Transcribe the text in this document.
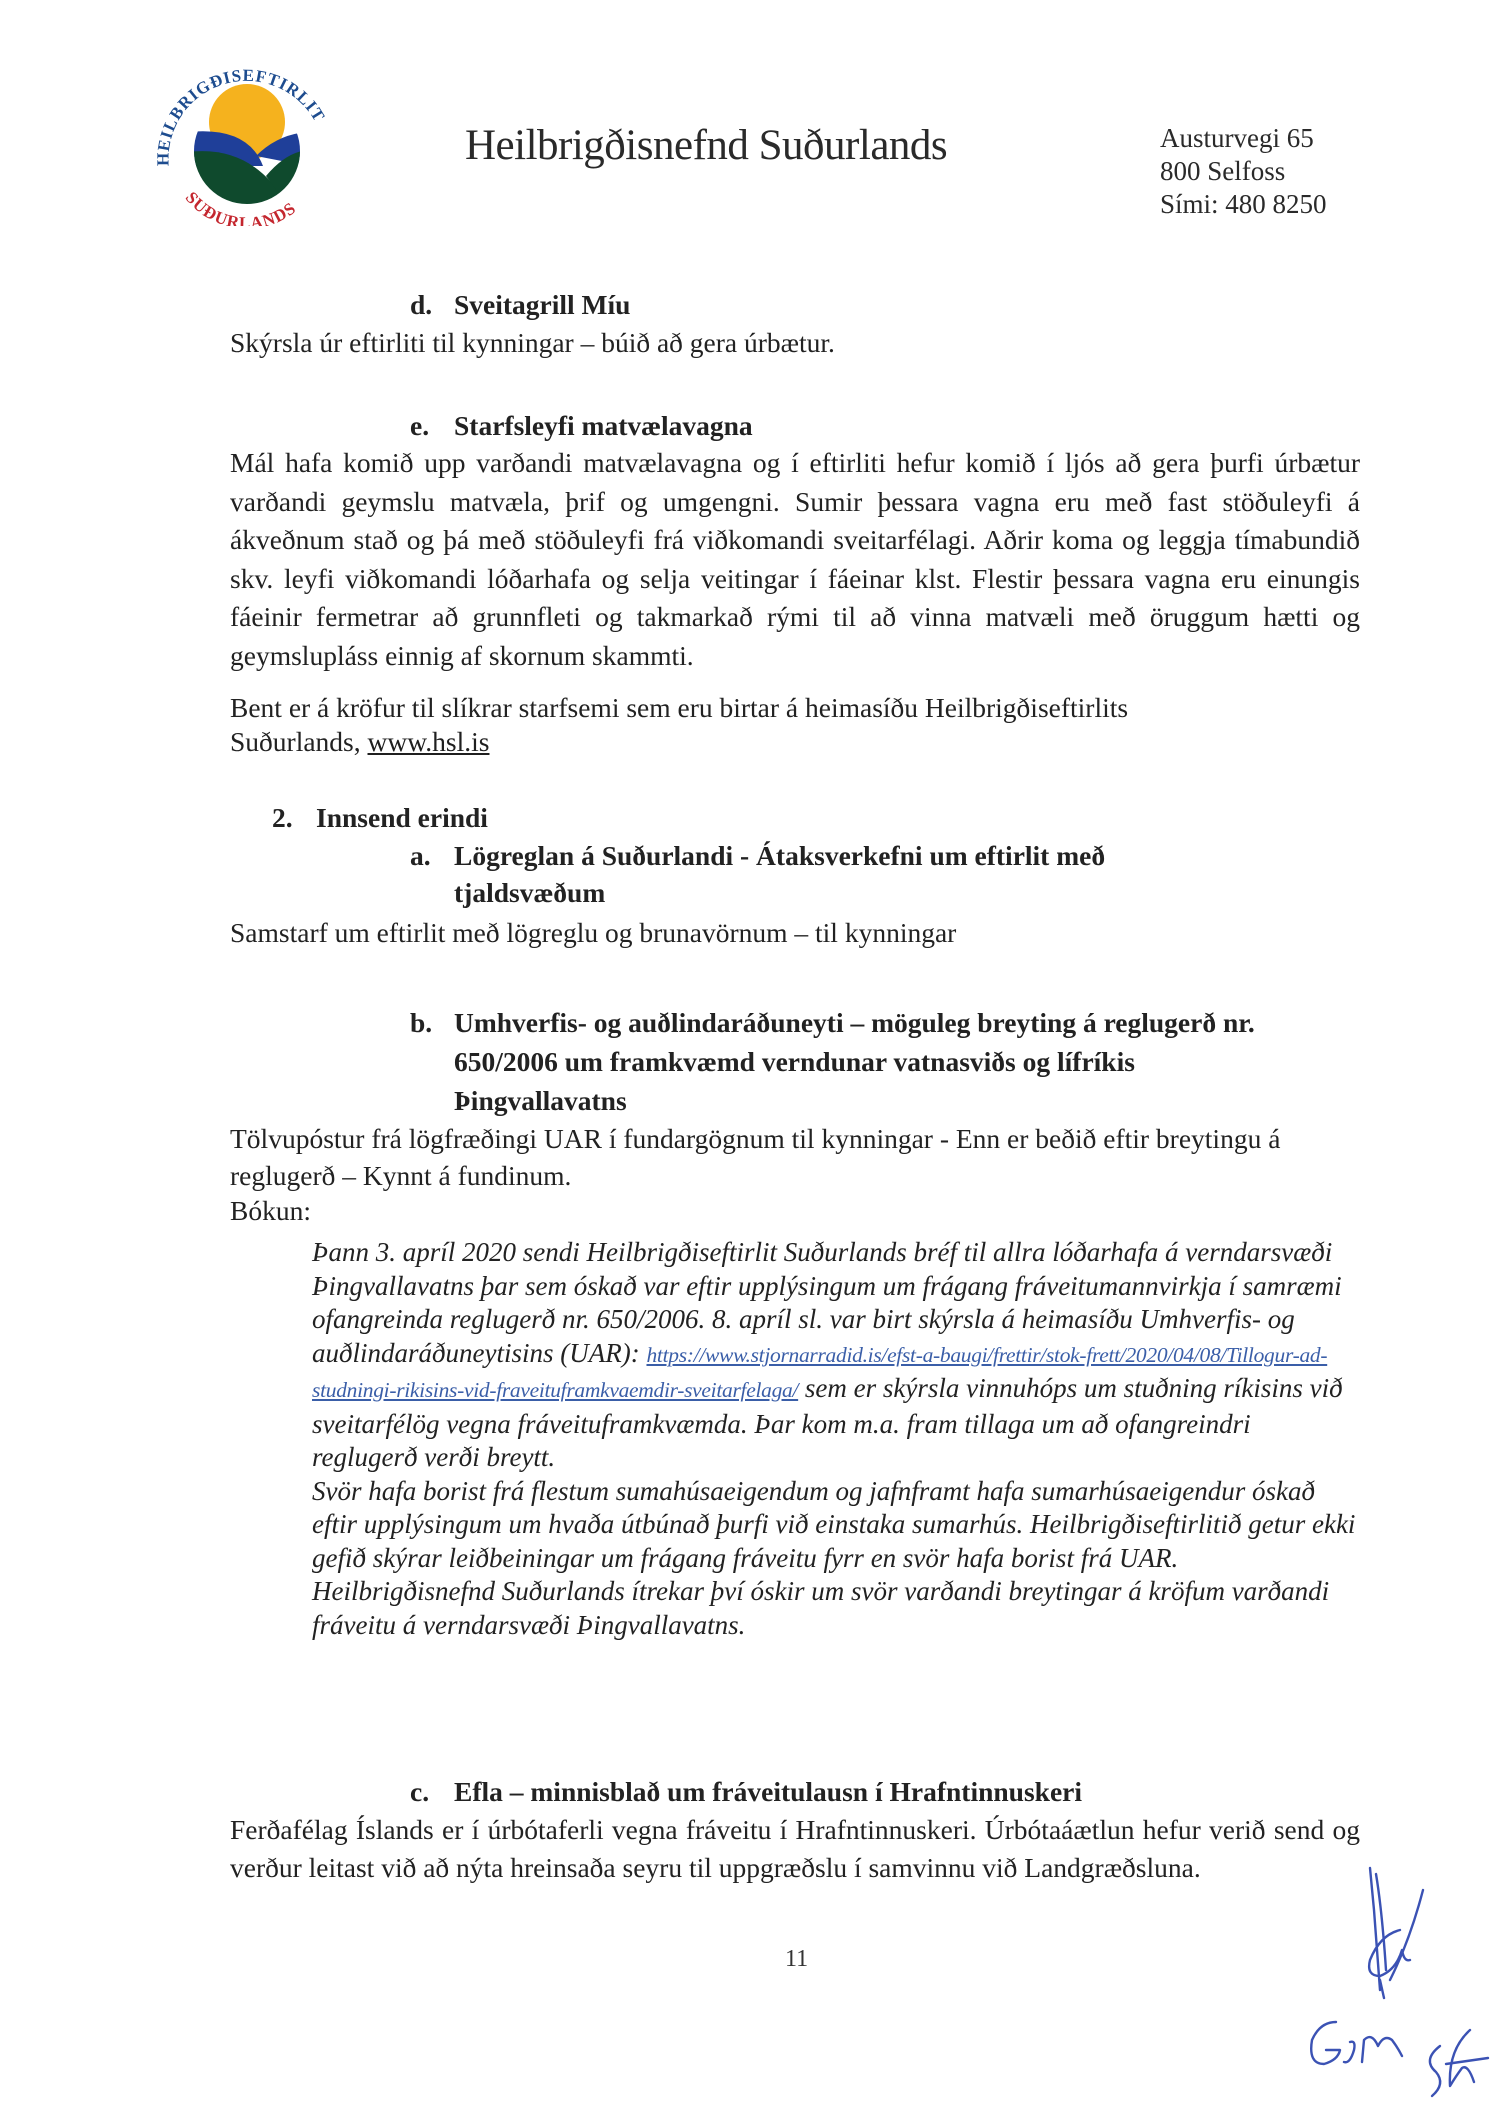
HEILBRIGÐISEFTIRLIT
SUÐURLANDS
Heilbrigðisnefnd Suðurlands	Austurvegi 65
800 Selfoss
Sími: 480 8250
d. Sveitagrill Míu
Skýrsla úr eftirliti til kynningar – búið að gera úrbætur.
e. Starfsleyfi matvælavagna
Mál hafa komið upp varðandi matvælavagna og í eftirliti hefur komið í ljós að gera þurfi úrbætur varðandi geymslu matvæla, þrif og umgengni. Sumir þessara vagna eru með fast stöðuleyfi á ákveðnum stað og þá með stöðuleyfi frá viðkomandi sveitarfélagi. Aðrir koma og leggja tímabundið skv. leyfi viðkomandi lóðarhafa og selja veitingar í fáeinar klst. Flestir þessara vagna eru einungis fáeinir fermetrar að grunnfleti og takmarkað rými til að vinna matvæli með öruggum hætti og geymslupláss einnig af skornum skammti.
Bent er á kröfur til slíkrar starfsemi sem eru birtar á heimasíðu Heilbrigðiseftirlits Suðurlands, www.hsl.is
2. Innsend erindi
a. Lögreglan á Suðurlandi - Átaksverkefni um eftirlit með
tjaldsvæðum
Samstarf um eftirlit með lögreglu og brunavörnum – til kynningar
b. Umhverfis- og auðlindaráðuneyti – möguleg breyting á reglugerð nr.
650/2006 um framkvæmd verndunar vatnasviðs og lífríkis
Þingvallavatns
Tölvupóstur frá lögfræðingi UAR í fundargögnum til kynningar - Enn er beðið eftir breytingu á reglugerð – Kynnt á fundinum.
Bókun:

Þann 3. apríl 2020 sendi Heilbrigðiseftirlit Suðurlands bréf til allra lóðarhafa á verndarsvæði Þingvallavatns þar sem óskað var eftir upplýsingum um frágang fráveitumannvirkja í samræmi ofangreinda reglugerð nr. 650/2006. 8. apríl sl. var birt skýrsla á heimasíðu Umhverfis- og auðlindaráðuneytisins (UAR): https://www.stjornarradid.is/efst-a-baugi/frettir/stok-frett/2020/04/08/Tillogur-ad-studningi-rikisins-vid-fraveituframkvaemdir-sveitarfelaga/ sem er skýrsla vinnuhóps um stuðning ríkisins við sveitarfélög vegna fráveituframkvæmda. Þar kom m.a. fram tillaga um að ofangreindri reglugerð verði breytt.

Svör hafa borist frá flestum sumahúsaeigendum og jafnframt hafa sumarhúsaeigendur óskað eftir upplýsingum um hvaða útbúnað þurfi við einstaka sumarhús. Heilbrigðiseftirlitið getur ekki gefið skýrar leiðbeiningar um frágang fráveitu fyrr en svör hafa borist frá UAR.

Heilbrigðisnefnd Suðurlands ítrekar því óskir um svör varðandi breytingar á kröfum varðandi fráveitu á verndarsvæði Þingvallavatns.

c. Efla – minnisblað um fráveitulausn í Hrafntinnuskeri
Ferðafélag Íslands er í úrbótaferli vegna fráveitu í Hrafntinnuskeri. Úrbótaáætlun hefur verið send og verður leitast við að nýta hreinsaða seyru til uppgræðslu í samvinnu við Landgræðsluna.
11
